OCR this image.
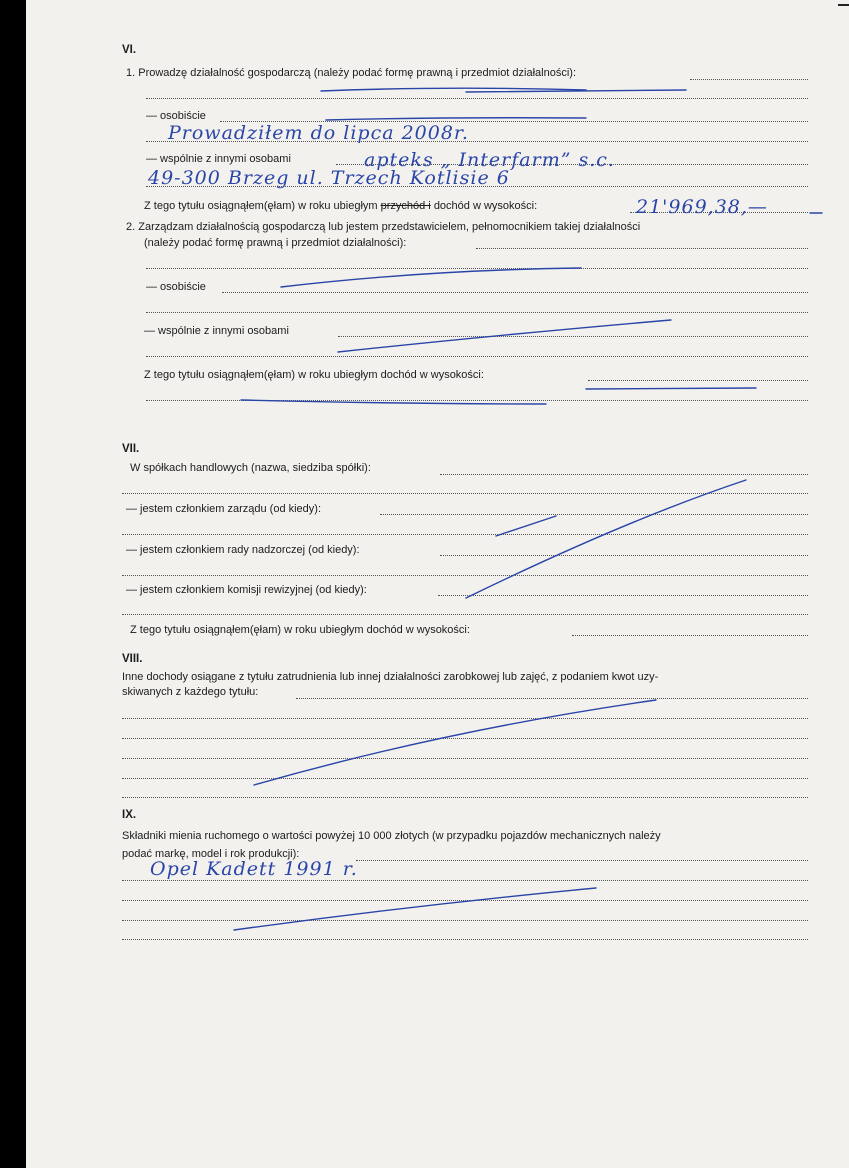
VI.
1. Prowadzę działalność gospodarczą (należy podać formę prawną i przedmiot działalności):
— osobiście
Prowadziłem do lipca 2008r.
— wspólnie z innymi osobami	apteks „ Interfarm” s.c.
49-300 Brzeg ul. Trzech Kotlisie 6
Z tego tytułu osiągnąłem(ęłam) w roku ubiegłym przychód i dochód w wysokości:	21'969,38,—
2. Zarządzam działalnością gospodarczą lub jestem przedstawicielem, pełnomocnikiem takiej działalności
(należy podać formę prawną i przedmiot działalności):
— osobiście
— wspólnie z innymi osobami
Z tego tytułu osiągnąłem(ęłam) w roku ubiegłym dochód w wysokości:
VII.
W spółkach handlowych (nazwa, siedziba spółki):
— jestem członkiem zarządu (od kiedy):
— jestem członkiem rady nadzorczej (od kiedy):
— jestem członkiem komisji rewizyjnej (od kiedy):
Z tego tytułu osiągnąłem(ęłam) w roku ubiegłym dochód w wysokości:
VIII.
Inne dochody osiągane z tytułu zatrudnienia lub innej działalności zarobkowej lub zajęć, z podaniem kwot uzy-
skiwanych z każdego tytułu:
IX.
Składniki mienia ruchomego o wartości powyżej 10 000 złotych (w przypadku pojazdów mechanicznych należy
podać markę, model i rok produkcji):
Opel Kadett 1991 r.
